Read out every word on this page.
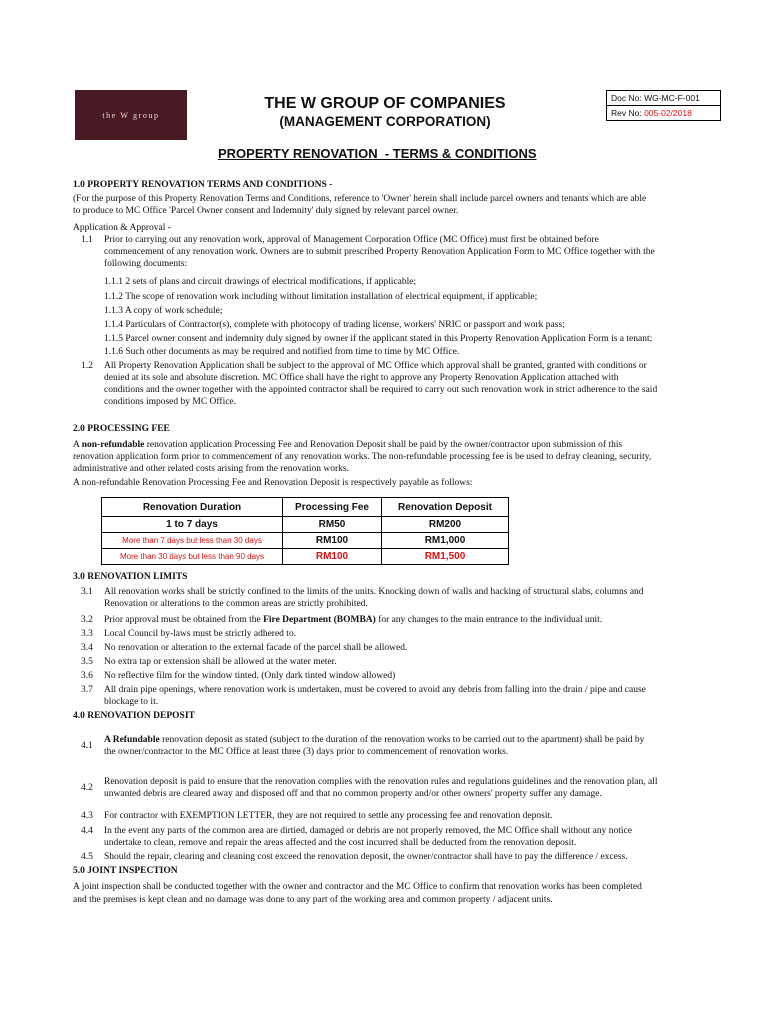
the W group
THE W GROUP OF COMPANIES
(MANAGEMENT CORPORATION)
Doc No: WG-MC-F-001
Rev No: 005-02/2018
PROPERTY RENOVATION  - TERMS & CONDITIONS
1.0 PROPERTY RENOVATION TERMS AND CONDITIONS -
(For the purpose of this Property Renovation Terms and Conditions, reference to 'Owner' herein shall include parcel owners and tenants which are able
to produce to MC Office 'Parcel Owner consent and Indemnity' duly signed by relevant parcel owner.
Application & Approval -
1.1	Prior to carrying out any renovation work, approval of Management Corporation Office (MC Office) must first be obtained before
commencement of any renovation work. Owners are to submit prescribed Property Renovation Application Form to MC Office together with the
following documents:
1.1.1 2 sets of plans and circuit drawings of electrical modifications, if applicable;
1.1.2 The scope of renovation work including without limitation installation of electrical equipment, if applicable;
1.1.3 A copy of work schedule;
1.1.4 Particulars of Contractor(s), complete with photocopy of trading license, workers' NRIC or passport and work pass;
1.1.5 Parcel owner consent and indemnity duly signed by owner if the applicant stated in this Property Renovation Application Form is a tenant;
1.1.6 Such other documents as may be required and notified from time to time by MC Office.
1.2	All Property Renovation Application shall be subject to the approval of MC Office which approval shall be granted, granted with conditions or
denied at its sole and absolute discretion. MC Office shall have the right to approve any Property Renovation Application attached with
conditions and the owner together with the appointed contractor shall be required to carry out such renovation work in strict adherence to the said
conditions imposed by MC Office.
2.0 PROCESSING FEE
A non-refundable renovation application Processing Fee and Renovation Deposit shall be paid by the owner/contractor upon submission of this
renovation application form prior to commencement of any renovation works. The non-refundable processing fee is be used to defray cleaning, security,
administrative and other related costs arising from the renovation works.
A non-refundable Renovation Processing Fee and Renovation Deposit is respectively payable as follows:
Renovation Duration	Processing Fee	Renovation Deposit
1 to 7 days	RM50	RM200
More than 7 days but less than 30 days	RM100	RM1,000
More than 30 days but less than 90 days	RM100	RM1,500
3.0 RENOVATION LIMITS
3.1	All renovation works shall be strictly confined to the limits of the units. Knocking down of walls and hacking of structural slabs, columns and
Renovation or alterations to the common areas are strictly prohibited.
3.2	Prior approval must be obtained from the Fire Department (BOMBA) for any changes to the main entrance to the individual unit.
3.3	Local Council by-laws must be strictly adhered to.
3.4	No renovation or alteration to the external facade of the parcel shall be allowed.
3.5	No extra tap or extension shall be allowed at the water meter.
3.6	No reflective film for the window tinted. (Only dark tinted window allowed)
3.7	All drain pipe openings, where renovation work is undertaken, must be covered to avoid any debris from falling into the drain / pipe and cause
blockage to it.
4.0 RENOVATION DEPOSIT
4.1
A Refundable renovation deposit as stated (subject to the duration of the renovation works to be carried out to the apartment) shall be paid by
the owner/contractor to the MC Office at least three (3) days prior to commencement of renovation works.
4.2
Renovation deposit is paid to ensure that the renovation complies with the renovation rules and regulations guidelines and the renovation plan, all
unwanted debris are cleared away and disposed off and that no common property and/or other owners' property suffer any damage.
4.3	For contractor with EXEMPTION LETTER, they are not required to settle any processing fee and renovation deposit.
4.4	In the event any parts of the common area are dirtied, damaged or debris are not properly removed, the MC Office shall without any notice
undertake to clean, remove and repair the areas affected and the cost incurred shall be deducted from the renovation deposit.
4.5	Should the repair, clearing and cleaning cost exceed the renovation deposit, the owner/contractor shall have to pay the difference / excess.
5.0 JOINT INSPECTION
A joint inspection shall be conducted together with the owner and contractor and the MC Office to confirm that renovation works has been completed
and the premises is kept clean and no damage was done to any part of the working area and common property / adjacent units.
